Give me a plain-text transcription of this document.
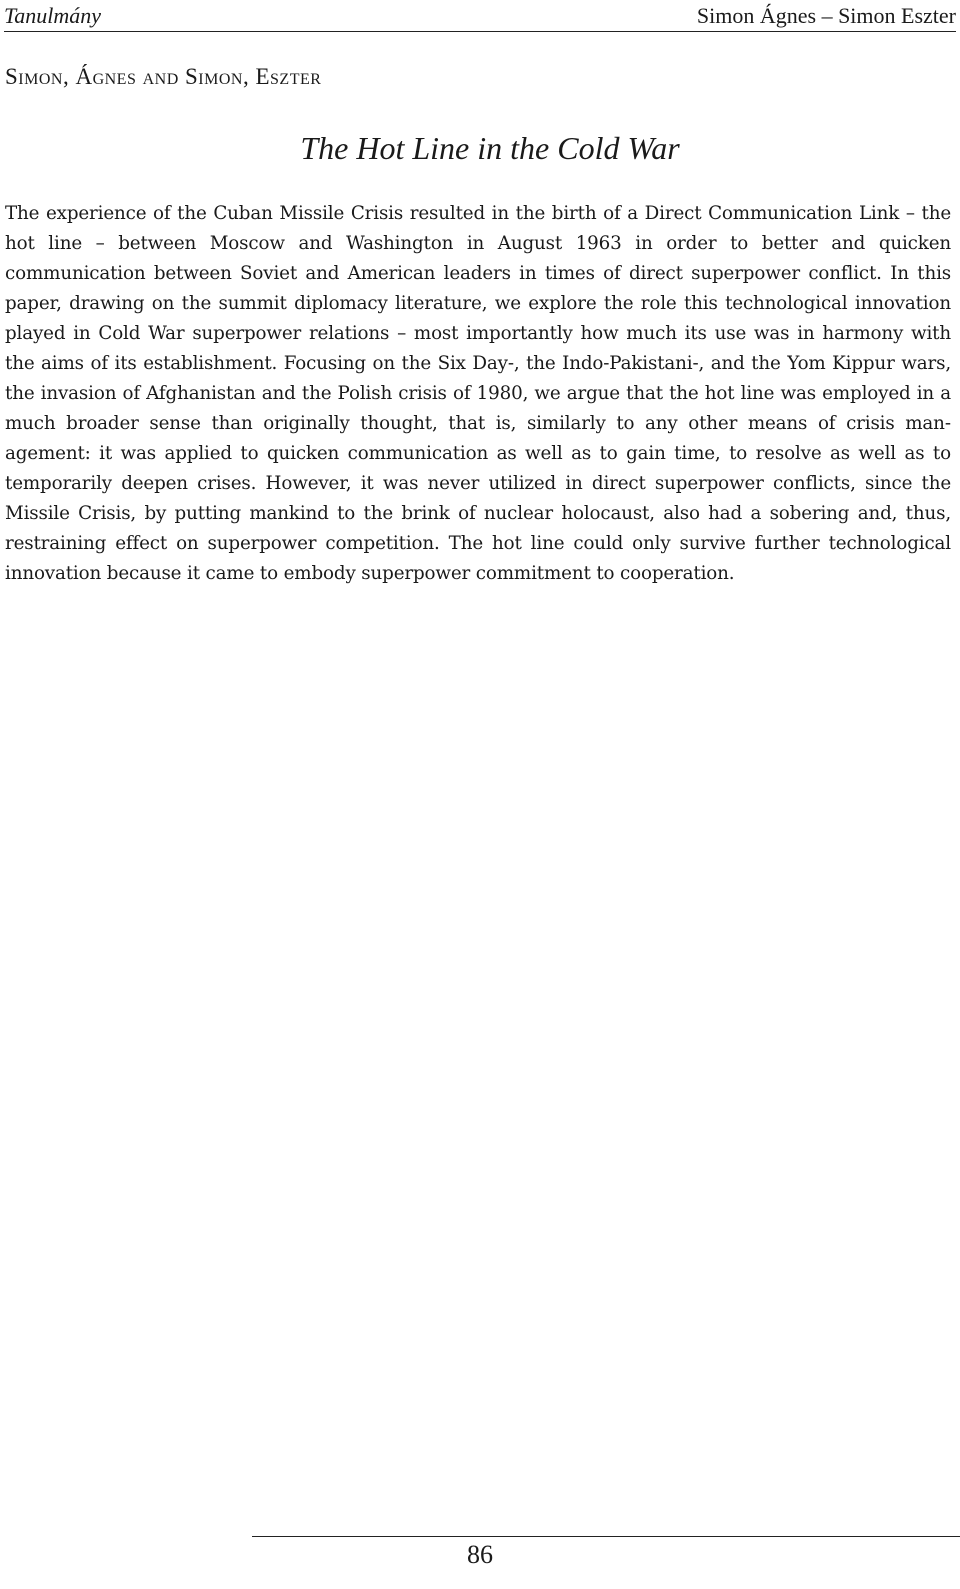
Tanulmány	Simon Ágnes – Simon Eszter
Simon, Ágnes and Simon, Eszter
The Hot Line in the Cold War

The experience of the Cuban Missile Crisis resulted in the birth of a Direct Communication Link – the hot line – between Moscow and Washington in August 1963 in order to better and quicken communication between Soviet and American leaders in times of direct superpower conflict. In this paper, drawing on the summit diplomacy literature, we explore the role this technological innovation played in Cold War superpower relations – most importantly how much its use was in harmony with the aims of its establishment. Focusing on the Six Day-, the Indo-Pakistani-, and the Yom Kippur wars, the invasion of Afghanistan and the Polish crisis of 1980, we argue that the hot line was employed in a much broader sense than originally thought, that is, similarly to any other means of crisis management: it was applied to quicken communication as well as to gain time, to resolve as well as to temporarily deepen crises. However, it was never utilized in direct superpower conflicts, since the Missile Crisis, by putting mankind to the brink of nuclear holocaust, also had a sobering and, thus, restraining effect on superpower competition. The hot line could only survive further technological innovation because it came to embody superpower commitment to cooperation.

86
